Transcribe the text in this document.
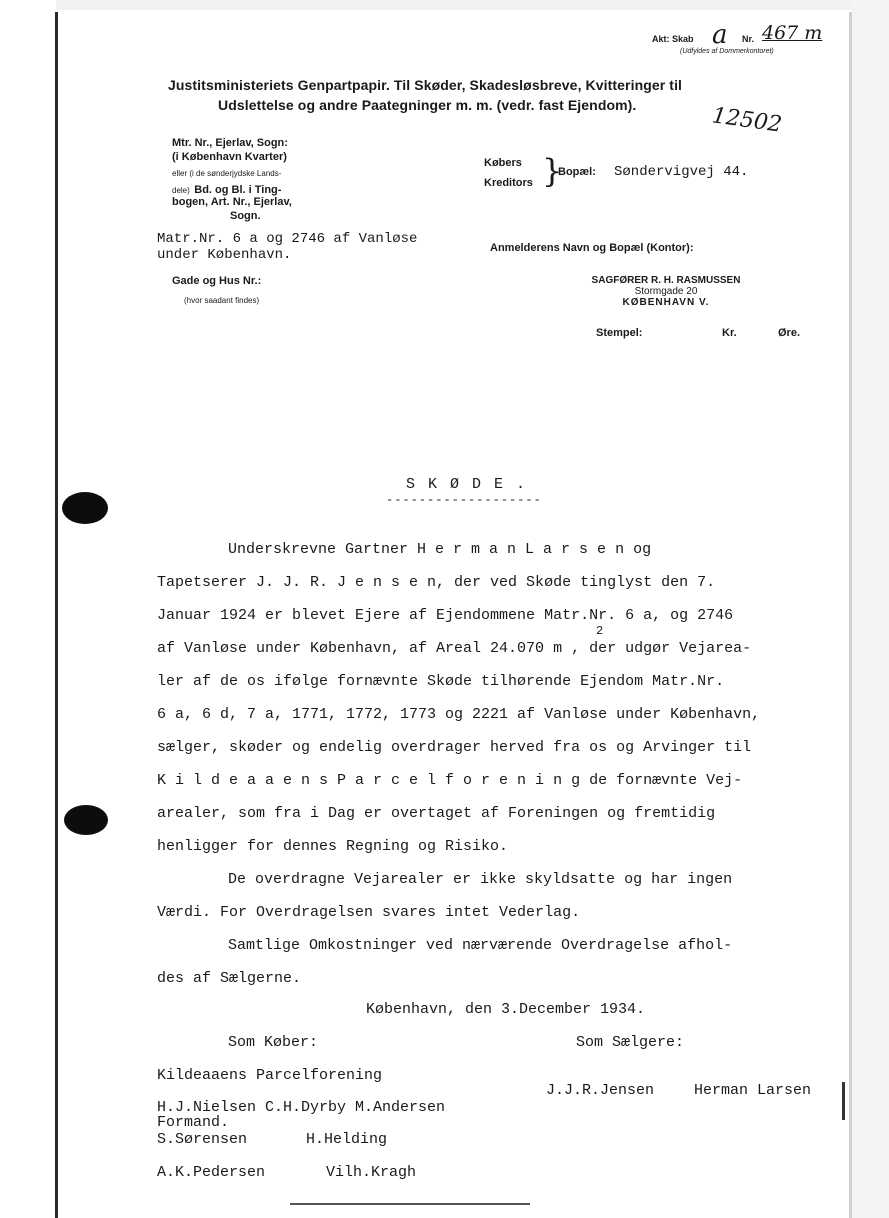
Akt: Skab a Nr. 467 m
(Udfyldes af Dommerkontoret)
Justitsministeriets Genpartpapir. Til Skøder, Skadesløsbreve, Kvitteringer til
Udslettelse og andre Paategninger m. m. (vedr. fast Ejendom).	12502
Mtr. Nr., Ejerlav, Sogn:
(i København Kvarter)
eller (i de sønderjydske Lands-
dele) Bd. og Bl. i Ting-
bogen, Art. Nr., Ejerlav,
Sogn.
Matr.Nr. 6 a og 2746 af Vanløse
under København.
Købers
Kreditors }
Bopæl: Søndervigvej 44.
Anmelderens Navn og Bopæl (Kontor):
SAGFØRER R. H. RASMUSSEN
Stormgade 20
KØBENHAVN V.
Gade og Hus Nr.:
(hvor saadant findes)
Stempel:	Kr.	Øre.
S K Ø D E .
-------------------
Underskrevne Gartner H e r m a n L a r s e n og
Tapetserer J. J. R. J e n s e n, der ved Skøde tinglyst den 7.
Januar 1924 er blevet Ejere af Ejendommene Matr.Nr. 6 a, og 2746
2
af Vanløse under København, af Areal 24.070 m , der udgør Vejarea-
ler af de os ifølge fornævnte Skøde tilhørende Ejendom Matr.Nr.
6 a, 6 d, 7 a, 1771, 1772, 1773 og 2221 af Vanløse under København,
sælger, skøder og endelig overdrager herved fra os og Arvinger til
K i l d e a a e n s P a r c e l f o r e n i n g de fornævnte Vej-
arealer, som fra i Dag er overtaget af Foreningen og fremtidig
henligger for dennes Regning og Risiko.
De overdragne Vejarealer er ikke skyldsatte og har ingen
Værdi. For Overdragelsen svares intet Vederlag.
Samtlige Omkostninger ved nærværende Overdragelse afhol-
des af Sælgerne.
København, den 3.December 1934.
Som Køber:	Som Sælgere:
Kildeaaens Parcelforening
J.J.R.Jensen	Herman Larsen
H.J.Nielsen C.H.Dyrby M.Andersen
Formand.
S.Sørensen	H.Helding
A.K.Pedersen	Vilh.Kragh
